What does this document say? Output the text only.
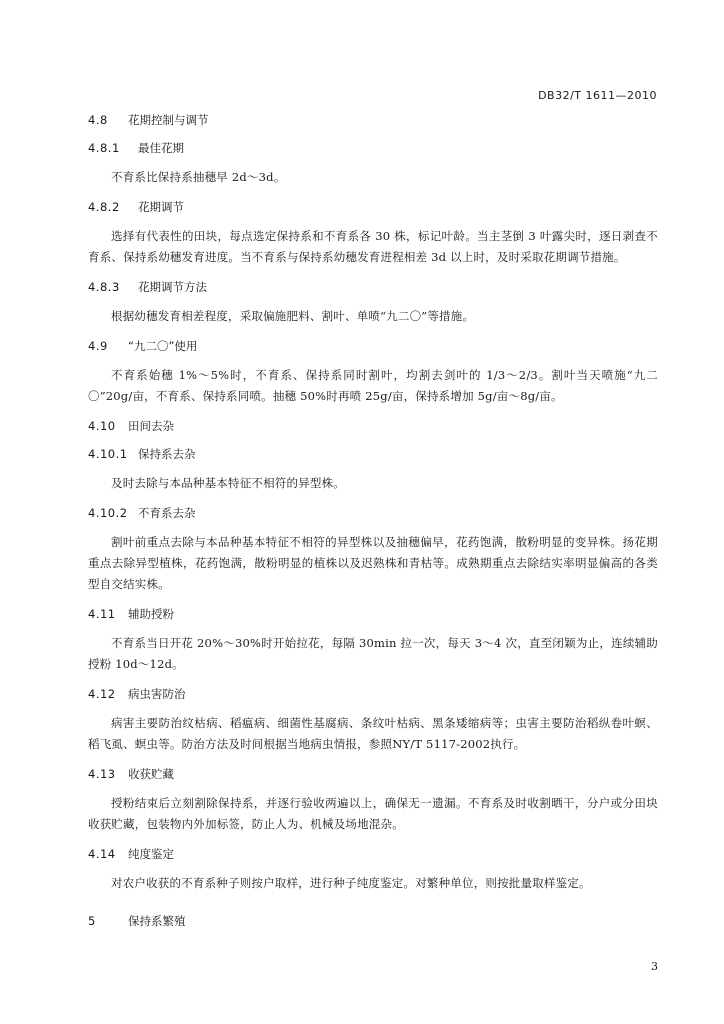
DB32/T 1611—2010
4.8 花期控制与调节
4.8.1 最佳花期

不育系比保持系抽穗早 2d～3d。

4.8.2 花期调节

选择有代表性的田块，每点选定保持系和不育系各 30 株，标记叶龄。当主茎倒 3 叶露尖时，逐日剥查不育系、保持系幼穗发育进度。当不育系与保持系幼穗发育进程相差 3d 以上时，及时采取花期调节措施。

4.8.3 花期调节方法

根据幼穗发育相差程度，采取偏施肥料、割叶、单喷“九二〇”等措施。

4.9 “九二〇”使用

不育系始穗 1%～5%时，不育系、保持系同时割叶，均割去剑叶的 1/3～2/3。割叶当天喷施“九二〇”20g/亩，不育系、保持系同喷。抽穗 50%时再喷 25g/亩，保持系增加 5g/亩～8g/亩。

4.10 田间去杂
4.10.1 保持系去杂

及时去除与本品种基本特征不相符的异型株。

4.10.2 不育系去杂

割叶前重点去除与本品种基本特征不相符的异型株以及抽穗偏早，花药饱满，散粉明显的变异株。扬花期重点去除异型植株，花药饱满，散粉明显的植株以及迟熟株和青枯等。成熟期重点去除结实率明显偏高的各类型自交结实株。

4.11 辅助授粉

不育系当日开花 20%～30%时开始拉花，每隔 30min 拉一次，每天 3～4 次，直至闭颖为止，连续辅助授粉 10d～12d。

4.12 病虫害防治

病害主要防治纹枯病、稻瘟病、细菌性基腐病、条纹叶枯病、黑条矮缩病等；虫害主要防治稻纵卷叶螟、稻飞虱、螟虫等。防治方法及时间根据当地病虫情报，参照NY/T 5117-2002执行。

4.13 收获贮藏

授粉结束后立刻割除保持系，并逐行验收两遍以上，确保无一遗漏。不育系及时收割晒干，分户或分田块收获贮藏，包装物内外加标签，防止人为、机械及场地混杂。

4.14 纯度鉴定

对农户收获的不育系种子则按户取样，进行种子纯度鉴定。对繁种单位，则按批量取样鉴定。

5	保持系繁殖
3
